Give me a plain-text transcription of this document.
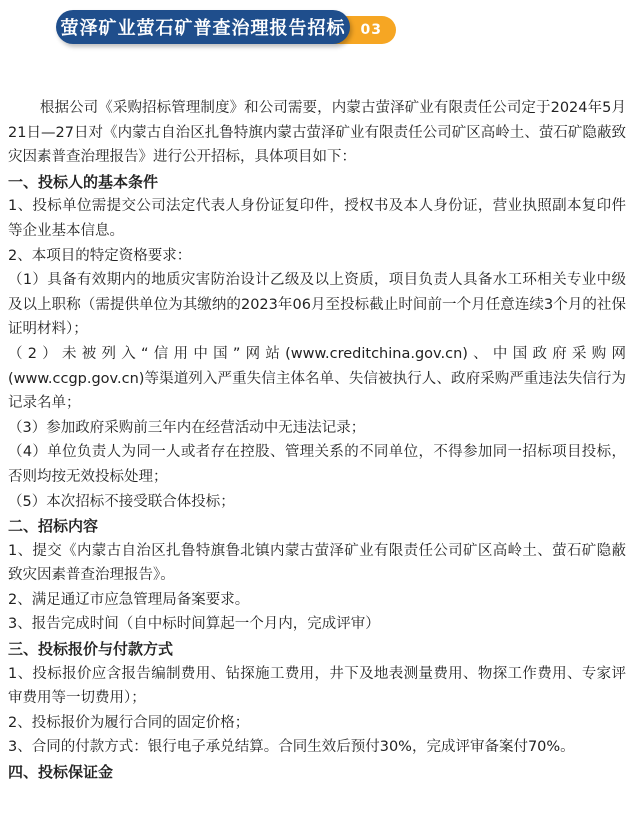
萤泽矿业萤石矿普查治理报告招标 03

根据公司《采购招标管理制度》和公司需要，内蒙古萤泽矿业有限责任公司定于2024年5月21日—27日对《内蒙古自治区扎鲁特旗内蒙古萤泽矿业有限责任公司矿区高岭土、萤石矿隐蔽致灾因素普查治理报告》进行公开招标，具体项目如下：

一、投标人的基本条件

1、投标单位需提交公司法定代表人身份证复印件，授权书及本人身份证，营业执照副本复印件等企业基本信息。

2、本项目的特定资格要求：

（1）具备有效期内的地质灾害防治设计乙级及以上资质，项目负责人具备水工环相关专业中级及以上职称（需提供单位为其缴纳的2023年06月至投标截止时间前一个月任意连续3个月的社保证明材料）；

（2）未被列入“信用中国”网站(www.creditchina.gov.cn)、中国政府采购网(www.ccgp.gov.cn)等渠道列入严重失信主体名单、失信被执行人、政府采购严重违法失信行为记录名单；

（3）参加政府采购前三年内在经营活动中无违法记录；

（4）单位负责人为同一人或者存在控股、管理关系的不同单位，不得参加同一招标项目投标，否则均按无效投标处理；

（5）本次招标不接受联合体投标；

二、招标内容

1、提交《内蒙古自治区扎鲁特旗鲁北镇内蒙古萤泽矿业有限责任公司矿区高岭土、萤石矿隐蔽致灾因素普查治理报告》。

2、满足通辽市应急管理局备案要求。

3、报告完成时间（自中标时间算起一个月内，完成评审）

三、投标报价与付款方式

1、投标报价应含报告编制费用、钻探施工费用，井下及地表测量费用、物探工作费用、专家评审费用等一切费用）；

2、投标报价为履行合同的固定价格；

3、合同的付款方式：银行电子承兑结算。合同生效后预付30%，完成评审备案付70%。

四、投标保证金
